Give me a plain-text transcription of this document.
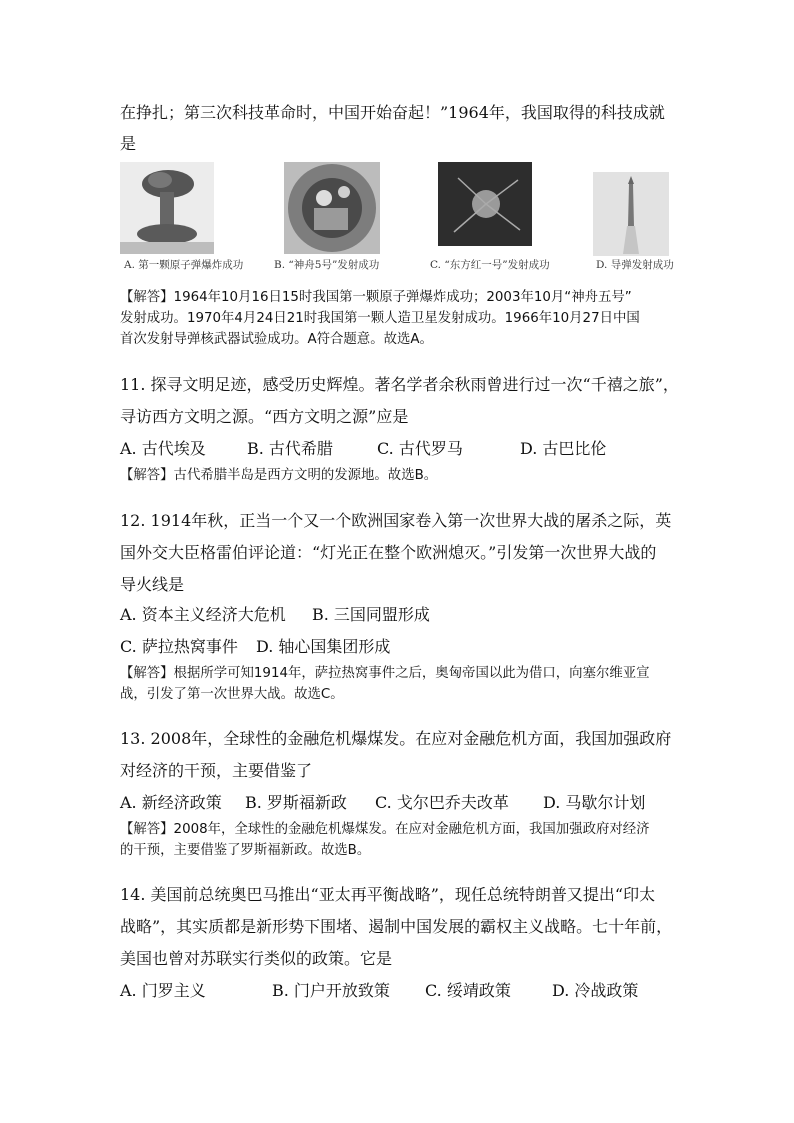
在挣扎；第三次科技革命时，中国开始奋起！”1964年，我国取得的科技成就
是
A. 第一颗原子弹爆炸成功	B. “神舟5号”发射成功	C. “东方红一号”发射成功	D. 导弹发射成功
【解答】1964年10月16日15时我国第一颗原子弹爆炸成功；2003年10月“神舟五号”
发射成功。1970年4月24日21时我国第一颗人造卫星发射成功。1966年10月27日中国
首次发射导弹核武器试验成功。A符合题意。故选A。
11. 探寻文明足迹，感受历史辉煌。著名学者余秋雨曾进行过一次“千禧之旅”，
寻访西方文明之源。“西方文明之源”应是
A. 古代埃及	B. 古代希腊	C. 古代罗马	D. 古巴比伦
【解答】古代希腊半岛是西方文明的发源地。故选B。
12. 1914年秋，正当一个又一个欧洲国家卷入第一次世界大战的屠杀之际，英
国外交大臣格雷伯评论道：“灯光正在整个欧洲熄灭。”引发第一次世界大战的
导火线是
A. 资本主义经济大危机 B. 三国同盟形成
C. 萨拉热窝事件 D. 轴心国集团形成
【解答】根据所学可知1914年，萨拉热窝事件之后，奥匈帝国以此为借口，向塞尔维亚宣
战，引发了第一次世界大战。故选C。
13. 2008年，全球性的金融危机爆煤发。在应对金融危机方面，我国加强政府
对经济的干预，主要借鉴了
A. 新经济政策 B. 罗斯福新政 C. 戈尔巴乔夫改革 D. 马歇尔计划
【解答】2008年，全球性的金融危机爆煤发。在应对金融危机方面，我国加强政府对经济
的干预，主要借鉴了罗斯福新政。故选B。
14. 美国前总统奥巴马推出“亚太再平衡战略”，现任总统特朗普又提出“印太
战略”，其实质都是新形势下围堵、遏制中国发展的霸权主义战略。七十年前，
美国也曾对苏联实行类似的政策。它是
A. 门罗主义	B. 门户开放致策 C. 绥靖政策	D. 冷战政策
